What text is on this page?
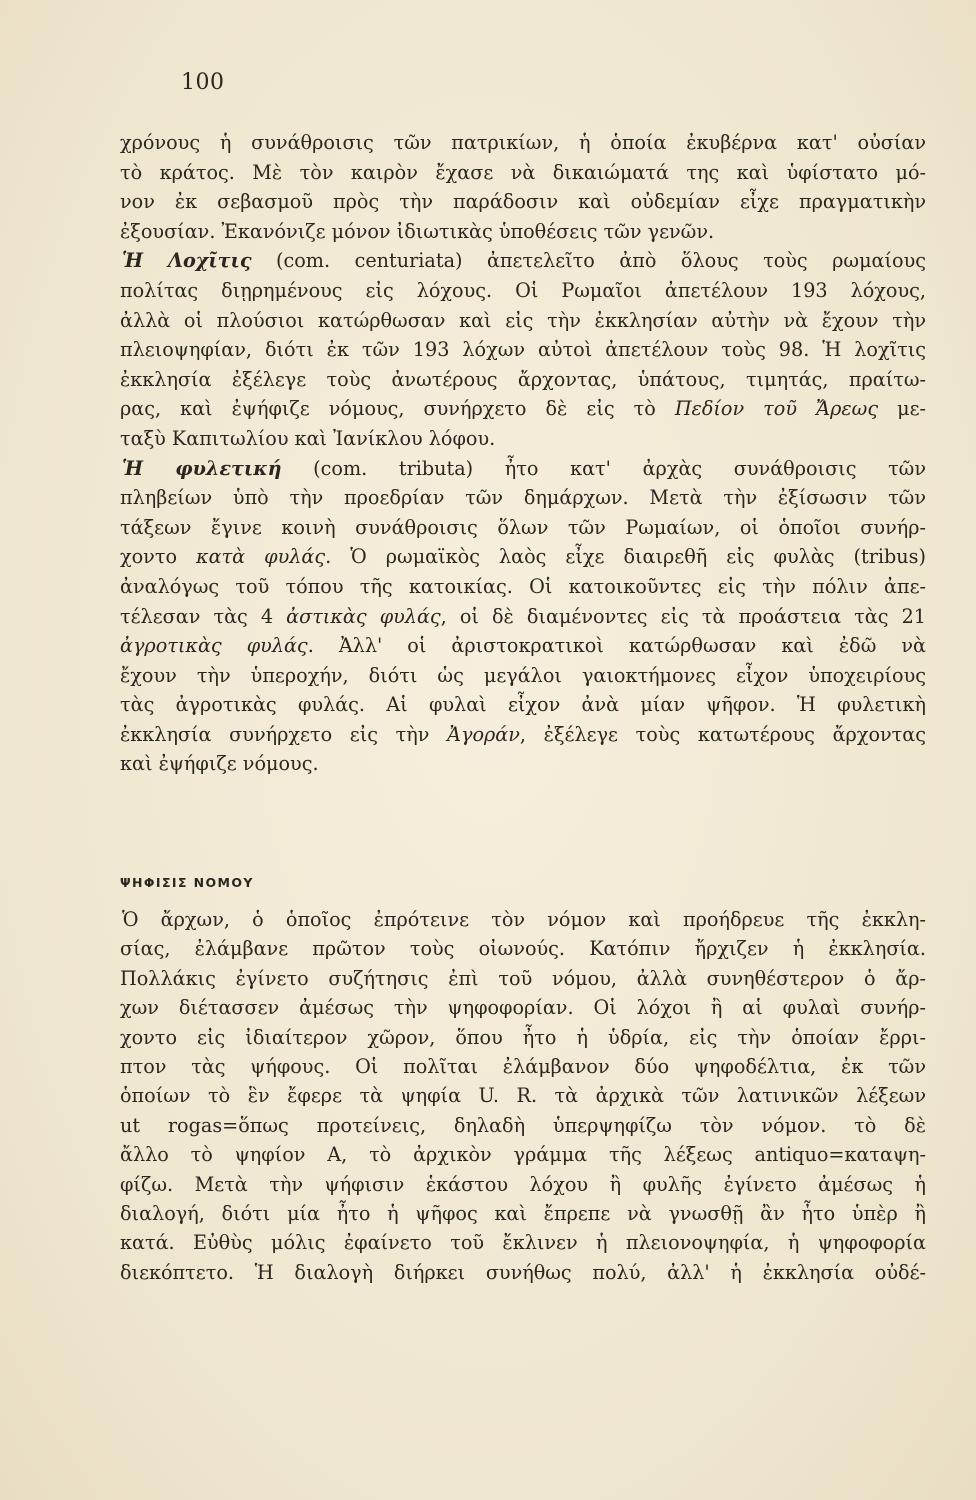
100
χρόνους ἡ συνάθροισις τῶν πατρικίων, ἡ ὁποία ἐκυβέρνα κατ' οὐσίαν
τὸ κράτος. Μὲ τὸν καιρὸν ἔχασε νὰ δικαιώματά της καὶ ὑφίστατο μό-
νον ἐκ σεβασμοῦ πρὸς τὴν παράδοσιν καὶ οὐδεμίαν εἶχε πραγματικὴν
ἐξουσίαν. Ἐκανόνιζε μόνον ἰδιωτικὰς ὑποθέσεις τῶν γενῶν.
Ἡ Λοχῖτις (com. centuriata) ἀπετελεῖτο ἀπὸ ὅλους τοὺς ρωμαίους
πολίτας διῃρημένους εἰς λόχους. Οἱ Ρωμαῖοι ἀπετέλουν 193 λόχους,
ἀλλὰ οἱ πλούσιοι κατώρθωσαν καὶ εἰς τὴν ἐκκλησίαν αὐτὴν νὰ ἔχουν τὴν
πλειοψηφίαν, διότι ἐκ τῶν 193 λόχων αὐτοὶ ἀπετέλουν τοὺς 98. Ἡ λοχῖτις
ἐκκλησία ἐξέλεγε τοὺς ἀνωτέρους ἄρχοντας, ὑπάτους, τιμητάς, πραίτω-
ρας, καὶ ἐψήφιζε νόμους, συνήρχετο δὲ εἰς τὸ Πεδίον τοῦ Ἄρεως με-
ταξὺ Καπιτωλίου καὶ Ἰανίκλου λόφου.
Ἡ φυλετική (com. tributa) ἦτο κατ' ἀρχὰς συνάθροισις τῶν
πληβείων ὑπὸ τὴν προεδρίαν τῶν δημάρχων. Μετὰ τὴν ἐξίσωσιν τῶν
τάξεων ἔγινε κοινὴ συνάθροισις ὅλων τῶν Ρωμαίων, οἱ ὁποῖοι συνήρ-
χοντο κατὰ φυλάς. Ὁ ρωμαϊκὸς λαὸς εἶχε διαιρεθῆ εἰς φυλὰς (tribus)
ἀναλόγως τοῦ τόπου τῆς κατοικίας. Οἱ κατοικοῦντες εἰς τὴν πόλιν ἀπε-
τέλεσαν τὰς 4 ἀστικὰς φυλάς, οἱ δὲ διαμένοντες εἰς τὰ προάστεια τὰς 21
ἀγροτικὰς φυλάς. Ἀλλ' οἱ ἀριστοκρατικοὶ κατώρθωσαν καὶ ἐδῶ νὰ
ἔχουν τὴν ὑπεροχήν, διότι ὡς μεγάλοι γαιοκτήμονες εἶχον ὑποχειρίους
τὰς ἀγροτικὰς φυλάς. Αἱ φυλαὶ εἶχον ἀνὰ μίαν ψῆφον. Ἡ φυλετικὴ
ἐκκλησία συνήρχετο εἰς τὴν Ἀγοράν, ἐξέλεγε τοὺς κατωτέρους ἄρχοντας
καὶ ἐψήφιζε νόμους.
ΨΗΦΙΣΙΣ ΝΟΜΟΥ
Ὁ ἄρχων, ὁ ὁποῖος ἐπρότεινε τὸν νόμον καὶ προήδρευε τῆς ἐκκλη-
σίας, ἐλάμβανε πρῶτον τοὺς οἰωνούς. Κατόπιν ἤρχιζεν ἡ ἐκκλησία.
Πολλάκις ἐγίνετο συζήτησις ἐπὶ τοῦ νόμου, ἀλλὰ συνηθέστερον ὁ ἄρ-
χων διέτασσεν ἀμέσως τὴν ψηφοφορίαν. Οἱ λόχοι ἢ αἱ φυλαὶ συνήρ-
χοντο εἰς ἰδιαίτερον χῶρον, ὅπου ἦτο ἡ ὑδρία, εἰς τὴν ὁποίαν ἔρρι-
πτον τὰς ψήφους. Οἱ πολῖται ἐλάμβανον δύο ψηφοδέλτια, ἐκ τῶν
ὁποίων τὸ ἓν ἔφερε τὰ ψηφία U. R. τὰ ἀρχικὰ τῶν λατινικῶν λέξεων
ut rogas=ὅπως προτείνεις, δηλαδὴ ὑπερψηφίζω τὸν νόμον. τὸ δὲ
ἄλλο τὸ ψηφίον A, τὸ ἀρχικὸν γράμμα τῆς λέξεως antiquo=καταψη-
φίζω. Μετὰ τὴν ψήφισιν ἑκάστου λόχου ἢ φυλῆς ἐγίνετο ἀμέσως ἡ
διαλογή, διότι μία ἦτο ἡ ψῆφος καὶ ἔπρεπε νὰ γνωσθῇ ἂν ἦτο ὑπὲρ ἢ
κατά. Εὐθὺς μόλις ἐφαίνετο τοῦ ἔκλινεν ἡ πλειονοψηφία, ἡ ψηφοφορία
διεκόπτετο. Ἡ διαλογὴ διήρκει συνήθως πολύ, ἀλλ' ἡ ἐκκλησία οὐδέ-
